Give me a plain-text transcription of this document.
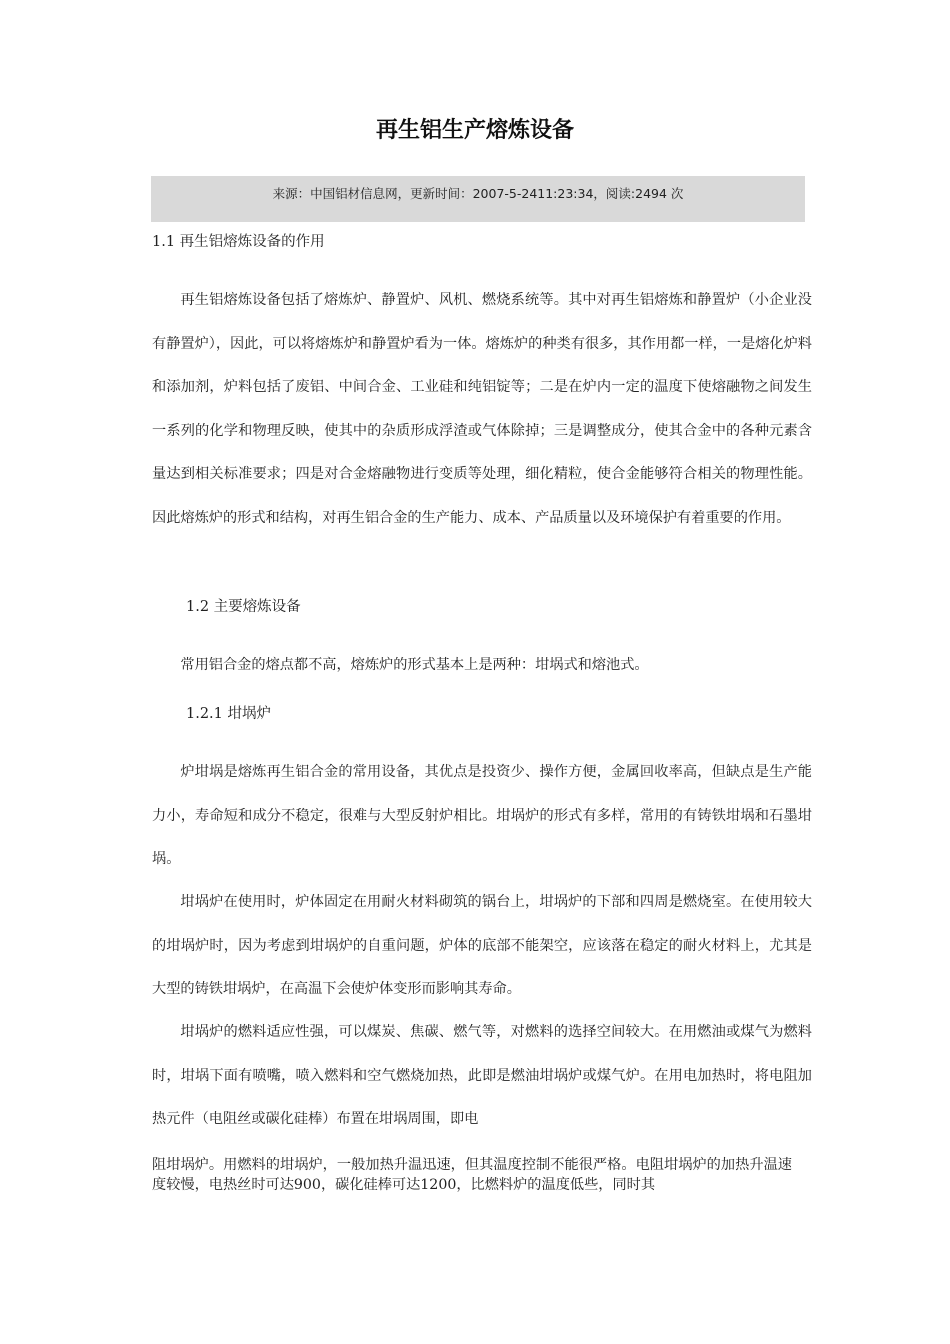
再生铝生产熔炼设备
来源：中国铝材信息网，更新时间：2007-5-2411:23:34，阅读:2494 次
1.1 再生铝熔炼设备的作用

再生铝熔炼设备包括了熔炼炉、静置炉、风机、燃烧系统等。其中对再生铝熔炼和静置炉（小企业没有静置炉），因此，可以将熔炼炉和静置炉看为一体。熔炼炉的种类有很多，其作用都一样，一是熔化炉料和添加剂，炉料包括了废铝、中间合金、工业硅和纯铝锭等；二是在炉内一定的温度下使熔融物之间发生一系列的化学和物理反映，使其中的杂质形成浮渣或气体除掉；三是调整成分，使其合金中的各种元素含量达到相关标准要求；四是对合金熔融物进行变质等处理，细化精粒，使合金能够符合相关的物理性能。因此熔炼炉的形式和结构，对再生铝合金的生产能力、成本、产品质量以及环境保护有着重要的作用。

1.2 主要熔炼设备

常用铝合金的熔点都不高，熔炼炉的形式基本上是两种：坩埚式和熔池式。

1.2.1 坩埚炉

炉坩埚是熔炼再生铝合金的常用设备，其优点是投资少、操作方便，金属回收率高，但缺点是生产能力小，寿命短和成分不稳定，很难与大型反射炉相比。坩埚炉的形式有多样，常用的有铸铁坩埚和石墨坩埚。

坩埚炉在使用时，炉体固定在用耐火材料砌筑的锅台上，坩埚炉的下部和四周是燃烧室。在使用较大的坩埚炉时，因为考虑到坩埚炉的自重问题，炉体的底部不能架空，应该落在稳定的耐火材料上，尤其是大型的铸铁坩埚炉，在高温下会使炉体变形而影响其寿命。

坩埚炉的燃料适应性强，可以煤炭、焦碳、燃气等，对燃料的选择空间较大。在用燃油或煤气为燃料时，坩埚下面有喷嘴，喷入燃料和空气燃烧加热，此即是燃油坩埚炉或煤气炉。在用电加热时，将电阻加热元件（电阻丝或碳化硅棒）布置在坩埚周围，即电

阻坩埚炉。用燃料的坩埚炉，一般加热升温迅速，但其温度控制不能很严格。电阻坩埚炉的加热升温速度较慢，电热丝时可达900，碳化硅棒可达1200，比燃料炉的温度低些，同时其
